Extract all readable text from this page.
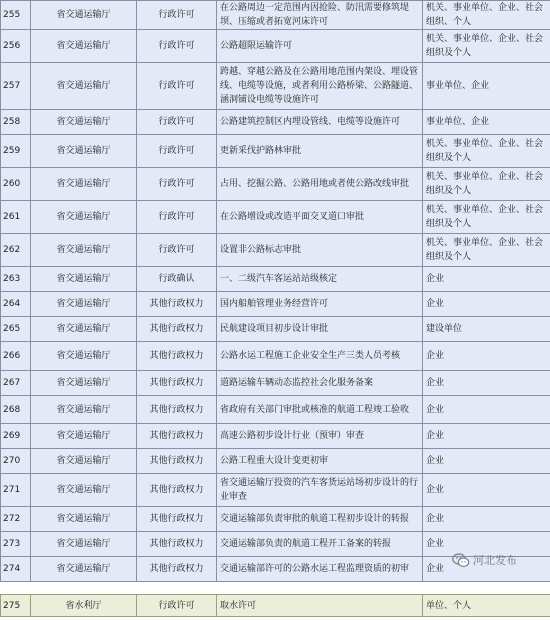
255	省交通运输厅	行政许可	在公路周边一定范围内因抢险、防汛需要修筑堤坝、压缩或者拓宽河床许可	机关、事业单位、企业、社会组织、个人
256	省交通运输厅	行政许可	公路超限运输许可	机关、事业单位、企业、社会组织及个人
257	省交通运输厅	行政许可	跨越、穿越公路及在公路用地范围内架设、埋设管线、电缆等设施，或者利用公路桥梁、公路隧道、涵洞铺设电缆等设施许可	事业单位、企业
258	省交通运输厅	行政许可	公路建筑控制区内埋设管线、电缆等设施许可	事业单位、企业
259	省交通运输厅	行政许可	更新采伐护路林审批	机关、事业单位、企业、社会组织及个人
260	省交通运输厅	行政许可	占用、挖掘公路、公路用地或者使公路改线审批	机关、事业单位、企业、社会组织及个人
261	省交通运输厅	行政许可	在公路增设或改造平面交叉道口审批	机关、事业单位、企业、社会组织及个人
262	省交通运输厅	行政许可	设置非公路标志审批	机关、事业单位、企业、社会组织及个人
263	省交通运输厅	行政确认	一、二级汽车客运站站级核定	企业
264	省交通运输厅	其他行政权力	国内船舶管理业务经营许可	企业
265	省交通运输厅	其他行政权力	民航建设项目初步设计审批	建设单位
266	省交通运输厅	其他行政权力	公路水运工程施工企业安全生产三类人员考核	企业
267	省交通运输厅	其他行政权力	道路运输车辆动态监控社会化服务备案	企业
268	省交通运输厅	其他行政权力	省政府有关部门审批或核准的航道工程竣工验收	企业
269	省交通运输厅	其他行政权力	高速公路初步设计行业（预审）审查	企业
270	省交通运输厅	其他行政权力	公路工程重大设计变更初审	企业
271	省交通运输厅	其他行政权力	省交通运输厅投资的汽车客货运站场初步设计的行业审查	企业
272	省交通运输厅	其他行政权力	交通运输部负责审批的航道工程初步设计的转报	企业
273	省交通运输厅	其他行政权力	交通运输部负责的航道工程开工备案的转报	企业
274	省交通运输厅	其他行政权力	交通运输部许可的公路水运工程监理资质的初审	企业

275	省水利厅	行政许可	取水许可	单位、个人
河北发布
